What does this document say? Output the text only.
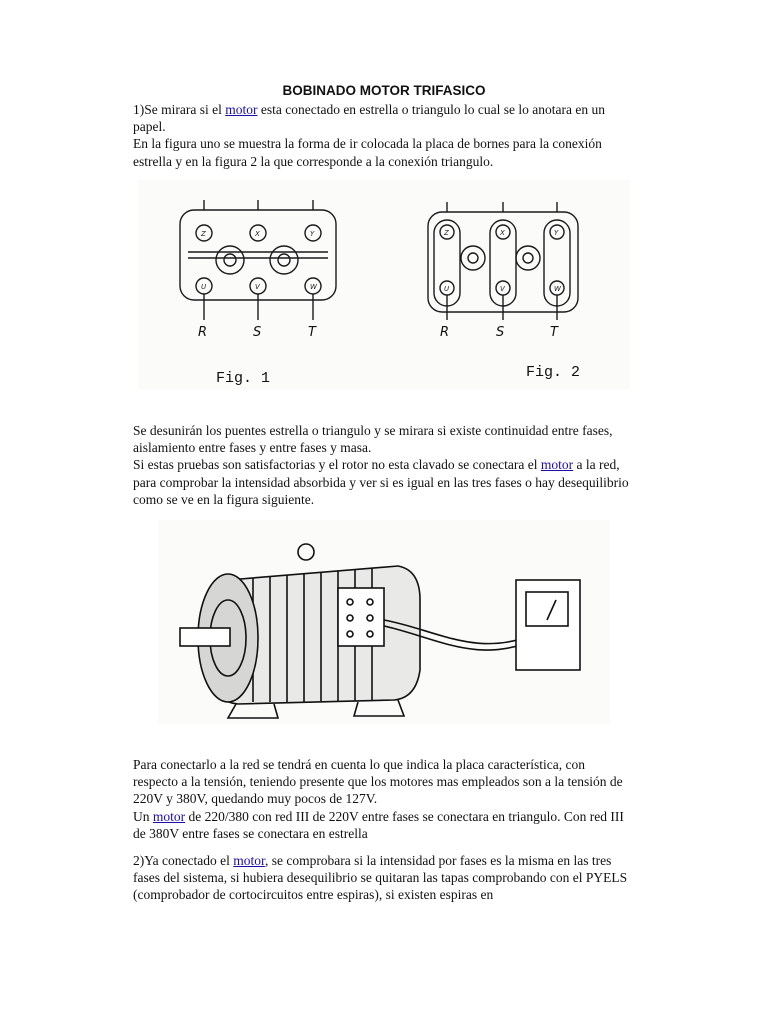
BOBINADO MOTOR TRIFASICO

1)Se mirara si el motor esta conectado en estrella o triangulo lo cual se lo anotara en un papel.
En la figura uno se muestra la forma de ir colocada la placa de bornes para la conexión estrella y en la figura 2 la que corresponde a la conexión triangulo.

Z	X	Y
U	V	W
Z	X	Y
U	V	W
R	S	T	R	S	T
Fig. 1	Fig. 2

Se desunirán los puentes estrella o triangulo y se mirara si existe continuidad entre fases, aislamiento entre fases y entre fases y masa.
Si estas pruebas son satisfactorias y el rotor no esta clavado se conectara el motor a la red, para comprobar la intensidad absorbida y ver si es igual en las tres fases o hay desequilibrio como se ve en la figura siguiente.

Para conectarlo a la red se tendrá en cuenta lo que indica la placa característica, con respecto a la tensión, teniendo presente que los motores mas empleados son a la tensión de 220V y 380V, quedando muy pocos de 127V.
Un motor de 220/380 con red III de 220V entre fases se conectara en triangulo. Con red III de 380V entre fases se conectara en estrella

2)Ya conectado el motor, se comprobara si la intensidad por fases es la misma en las tres fases del sistema, si hubiera desequilibrio se quitaran las tapas comprobando con el PYELS (comprobador de cortocircuitos entre espiras), si existen espiras en
